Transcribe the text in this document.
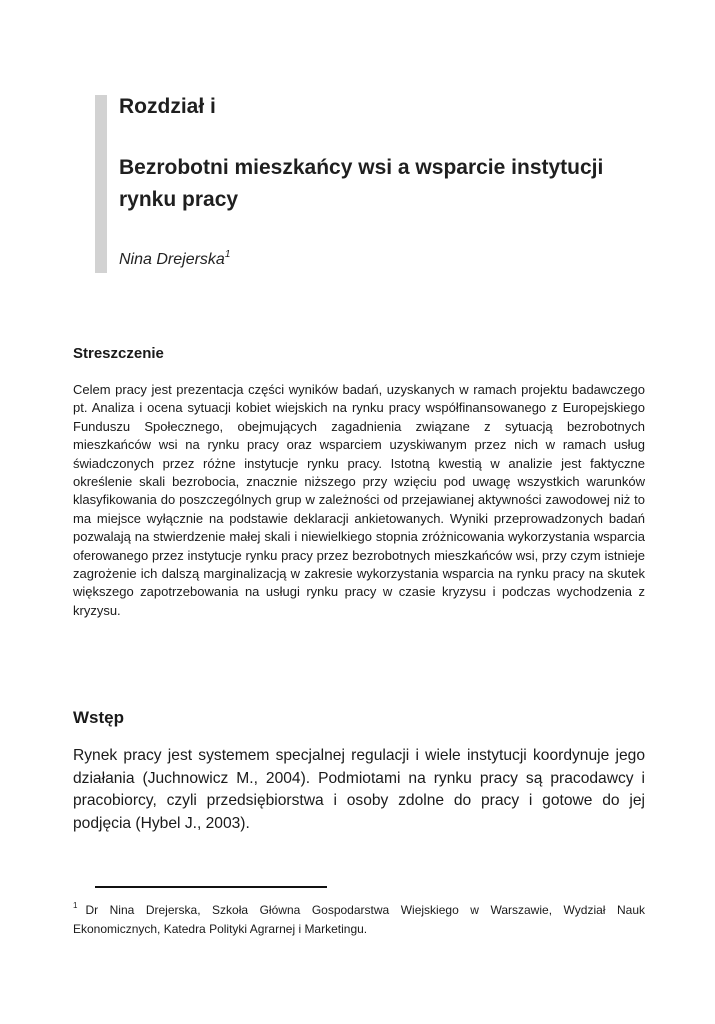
Rozdział i
Bezrobotni mieszkańcy wsi a wsparcie instytucji rynku pracy
Nina Drejerska$^1$
Streszczenie

Celem pracy jest prezentacja części wyników badań, uzyskanych w ramach projektu badawczego pt. Analiza i ocena sytuacji kobiet wiejskich na rynku pracy współfinansowanego z Europejskiego Funduszu Społecznego, obejmujących zagadnienia związane z sytuacją bezrobotnych mieszkańców wsi na rynku pracy oraz wsparciem uzyskiwanym przez nich w ramach usług świadczonych przez różne instytucje rynku pracy. Istotną kwestią w analizie jest faktyczne określenie skali bezrobocia, znacznie niższego przy wzięciu pod uwagę wszystkich warunków klasyfikowania do poszczególnych grup w zależności od przejawianej aktywności zawodowej niż to ma miejsce wyłącznie na podstawie deklaracji ankietowanych. Wyniki przeprowadzonych badań pozwalają na stwierdzenie małej skali i niewielkiego stopnia zróżnicowania wykorzystania wsparcia oferowanego przez instytucje rynku pracy przez bezrobotnych mieszkańców wsi, przy czym istnieje zagrożenie ich dalszą marginalizacją w zakresie wykorzystania wsparcia na rynku pracy na skutek większego zapotrzebowania na usługi rynku pracy w czasie kryzysu i podczas wychodzenia z kryzysu.

Wstęp

Rynek pracy jest systemem specjalnej regulacji i wiele instytucji koordynuje jego działania (Juchnowicz M., 2004). Podmiotami na rynku pracy są pracodawcy i pracobiorcy, czyli przedsiębiorstwa i osoby zdolne do pracy i gotowe do jej podjęcia (Hybel J., 2003).

$^1$ Dr Nina Drejerska, Szkoła Główna Gospodarstwa Wiejskiego w Warszawie, Wydział Nauk Ekonomicznych, Katedra Polityki Agrarnej i Marketingu.
